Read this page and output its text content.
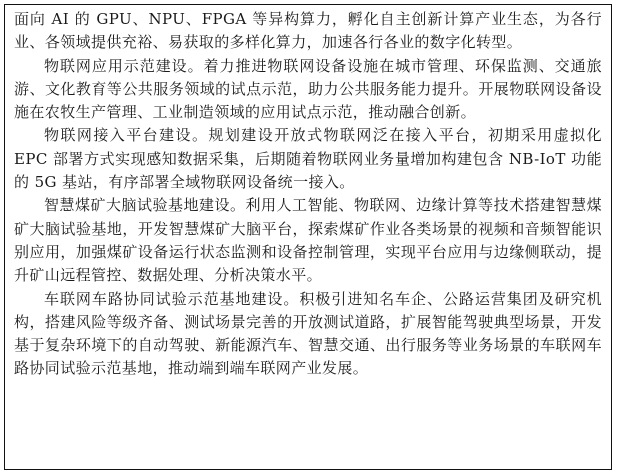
面向 AI 的 GPU、NPU、FPGA 等异构算力，孵化自主创新计算产业生态，为各行业、各领域提供充裕、易获取的多样化算力，加速各行各业的数字化转型。

物联网应用示范建设。着力推进物联网设备设施在城市管理、环保监测、交通旅游、文化教育等公共服务领域的试点示范，助力公共服务能力提升。开展物联网设备设施在农牧生产管理、工业制造领域的应用试点示范，推动融合创新。

物联网接入平台建设。规划建设开放式物联网泛在接入平台，初期采用虚拟化 EPC 部署方式实现感知数据采集，后期随着物联网业务量增加构建包含 NB-IoT 功能的 5G 基站，有序部署全域物联网设备统一接入。

智慧煤矿大脑试验基地建设。利用人工智能、物联网、边缘计算等技术搭建智慧煤矿大脑试验基地，开发智慧煤矿大脑平台，探索煤矿作业各类场景的视频和音频智能识别应用，加强煤矿设备运行状态监测和设备控制管理，实现平台应用与边缘侧联动，提升矿山远程管控、数据处理、分析决策水平。

车联网车路协同试验示范基地建设。积极引进知名车企、公路运营集团及研究机构，搭建风险等级齐备、测试场景完善的开放测试道路，扩展智能驾驶典型场景，开发基于复杂环境下的自动驾驶、新能源汽车、智慧交通、出行服务等业务场景的车联网车路协同试验示范基地，推动端到端车联网产业发展。
